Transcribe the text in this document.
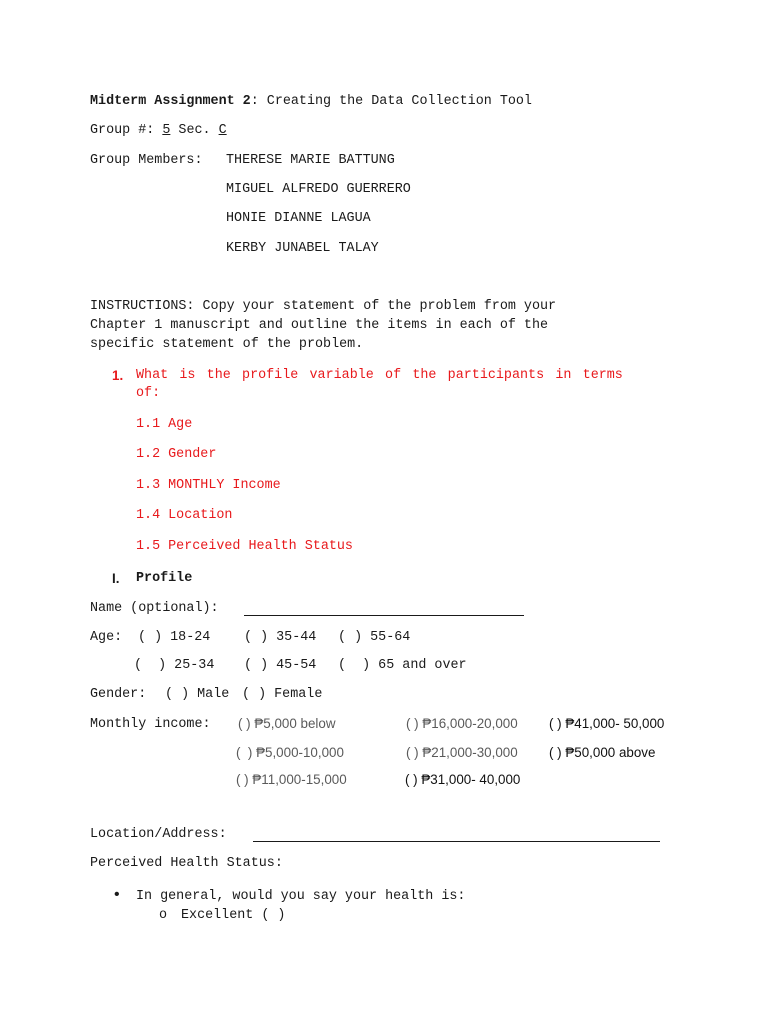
Midterm Assignment 2: Creating the Data Collection Tool
Group #: 5 Sec. C
Group Members: THERESE MARIE BATTUNG
MIGUEL ALFREDO GUERRERO
HONIE DIANNE LAGUA
KERBY JUNABEL TALAY
INSTRUCTIONS: Copy your statement of the problem from your
Chapter 1 manuscript and outline the items in each of the
specific statement of the problem.
1. What is the profile variable of the participants in terms
of:
1.1 Age
1.2 Gender
1.3 MONTHLY Income
1.4 Location
1.5 Perceived Health Status
I. Profile
Name (optional):
Age: ( ) 18-24	( ) 35-44 ( ) 55-64
(  ) 25-34 ( ) 45-54 (  ) 65 and over
Gender: ( ) Male ( ) Female
Monthly income: ( ) ₱5,000 below	( ) ₱16,000-20,000 ( ) ₱41,000- 50,000
(  ) ₱5,000-10,000	( ) ₱21,000-30,000 ( ) ₱50,000 above
( ) ₱11,000-15,000	( ) ₱31,000- 40,000
Location/Address:
Perceived Health Status:
• In general, would you say your health is:
o Excellent ( )
